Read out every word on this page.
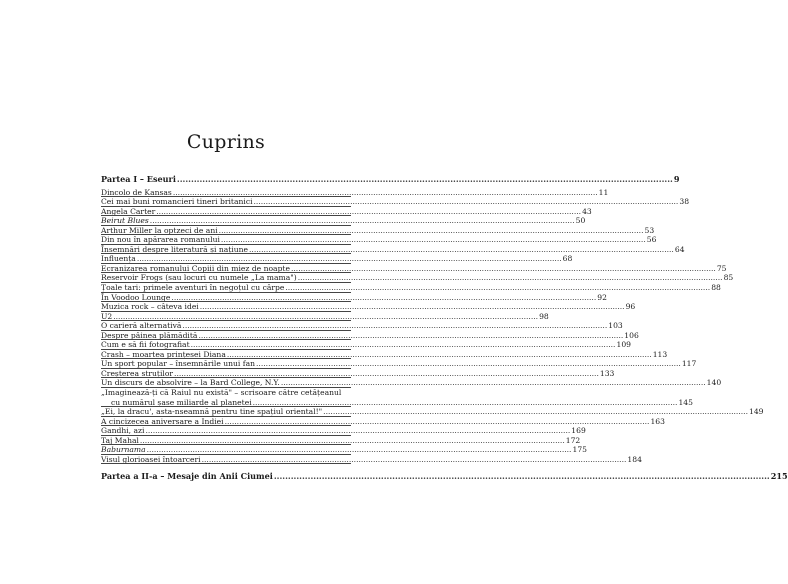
Cuprins
Partea I – Eseuri .....	9
Dincolo de Kansas .....	11
Cei mai buni romancieri tineri britanici .....	38
Angela Carter .....	43
Beirut Blues .....	50
Arthur Miller la optzeci de ani .....	53
Din nou în apărarea romanului .....	56
Însemnări despre literatură și națiune .....	64
Influența .....	68
Ecranizarea romanului Copiii din miez de noapte .....	75
Reservoir Frogs (sau locuri cu numele „La mama") .....	85
Țoale tari: primele aventuri în negoțul cu cârpe .....	88
În Voodoo Lounge .....	92
Muzica rock – câteva idei .....	96
U2 .....	98
O carieră alternativă .....	103
Despre pâinea plămădită .....	106
Cum e să fii fotografiat .....	109
Crash – moartea prințesei Diana .....	113
Un sport popular – însemnările unui fan .....	117
Creșterea struților .....	133
Un discurs de absolvire – la Bard College, N.Y. .....	140
„Imaginează-ți că Raiul nu există" – scrisoare către cetățeanul
cu numărul șase miliarde al planetei .....	145
„Ei, la dracu', asta-nseamnă pentru tine spațiul oriental!" .....	149
A cincizecea aniversare a Indiei .....	163
Gandhi, azi .....	169
Taj Mahal .....	172
Baburnama .....	175
Visul glorioasei întoarceri .....	184
Partea a II-a – Mesaje din Anii Ciumei .....	215
